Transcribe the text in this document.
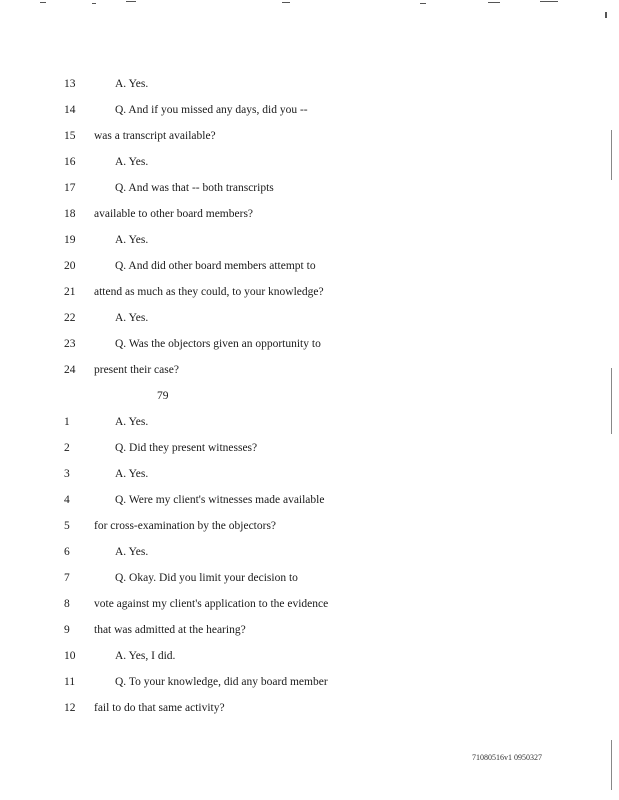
13	A. Yes.
14	Q. And if you missed any days, did you --
15	was a transcript available?
16	A. Yes.
17	Q. And was that -- both transcripts
18	available to other board members?
19	A. Yes.
20	Q. And did other board members attempt to
21	attend as much as they could, to your knowledge?
22	A. Yes.
23	Q. Was the objectors given an opportunity to
24	present their case?
79
1	A. Yes.
2	Q. Did they present witnesses?
3	A. Yes.
4	Q. Were my client's witnesses made available
5	for cross-examination by the objectors?
6	A. Yes.
7	Q. Okay. Did you limit your decision to
8	vote against my client's application to the evidence
9	that was admitted at the hearing?
10	A. Yes, I did.
11	Q. To your knowledge, did any board member
12	fail to do that same activity?
71080516v1 0950327
